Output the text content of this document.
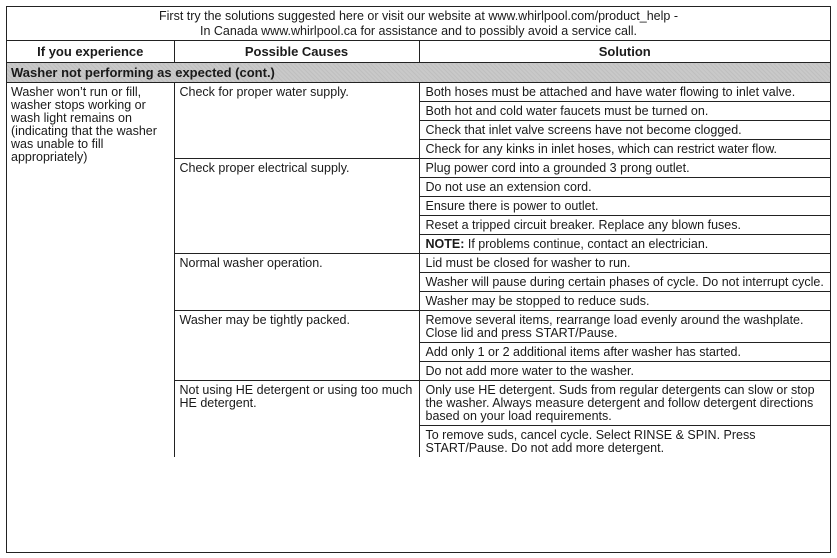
First try the solutions suggested here or visit our website at www.whirlpool.com/product_help -
In Canada www.whirlpool.ca for assistance and to possibly avoid a service call.
If you experience	Possible Causes	Solution
Washer not performing as expected (cont.)		
Washer won’t run or fill, washer stops working or wash light remains on (indicating that the washer was unable to fill appropriately)	Check for proper water supply.	Both hoses must be attached and have water flowing to inlet valve.
		Both hot and cold water faucets must be turned on.
		Check that inlet valve screens have not become clogged.
		Check for any kinks in inlet hoses, which can restrict water flow.
	Check proper electrical supply.	Plug power cord into a grounded 3 prong outlet.
		Do not use an extension cord.
		Ensure there is power to outlet.
		Reset a tripped circuit breaker. Replace any blown fuses.
		NOTE: If problems continue, contact an electrician.
	Normal washer operation.	Lid must be closed for washer to run.
		Washer will pause during certain phases of cycle. Do not interrupt cycle.
		Washer may be stopped to reduce suds.
	Washer may be tightly packed.	Remove several items, rearrange load evenly around the washplate. Close lid and press START/Pause.
		Add only 1 or 2 additional items after washer has started.
		Do not add more water to the washer.
	Not using HE detergent or using too much HE detergent.	Only use HE detergent. Suds from regular detergents can slow or stop the washer. Always measure detergent and follow detergent directions based on your load requirements.
		To remove suds, cancel cycle. Select RINSE & SPIN. Press START/Pause. Do not add more detergent.
